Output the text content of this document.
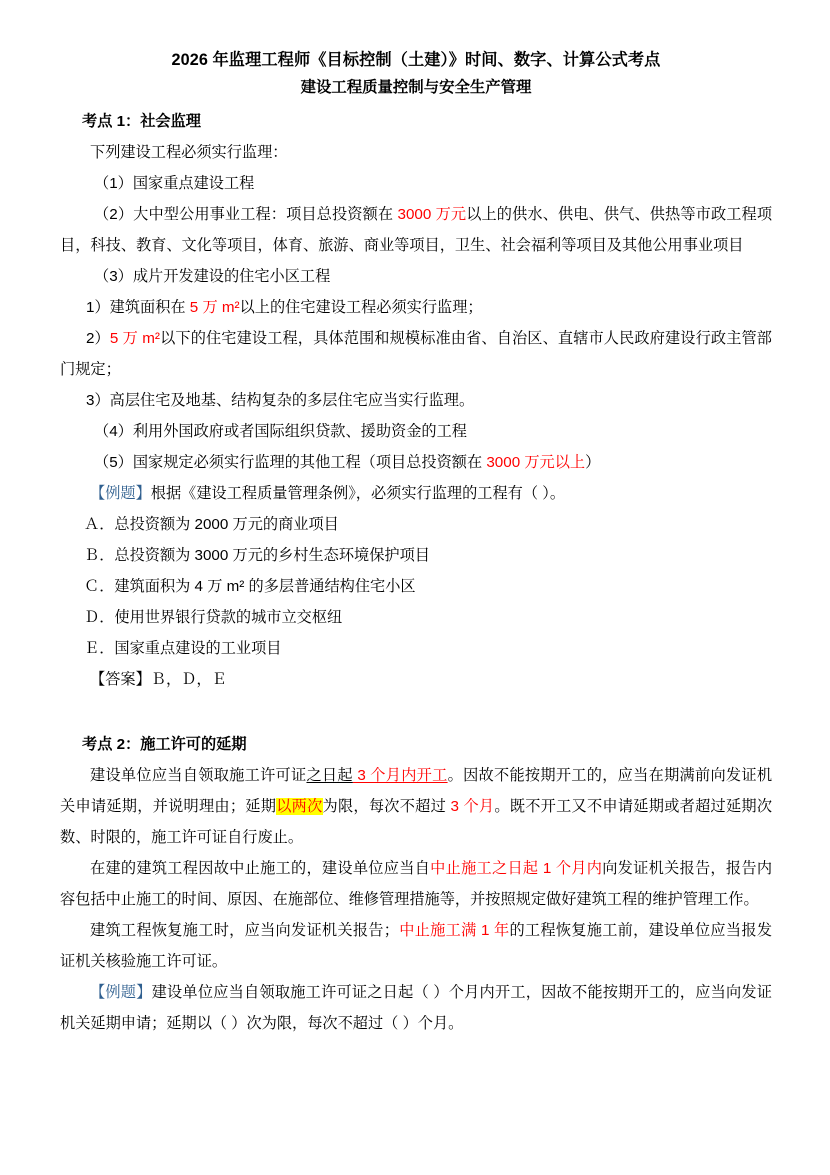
2026 年监理工程师《目标控制（土建）》时间、数字、计算公式考点
建设工程质量控制与安全生产管理
考点 1：社会监理

下列建设工程必须实行监理：

（1）国家重点建设工程

（2）大中型公用事业工程：项目总投资额在 3000 万元以上的供水、供电、供气、供热等市政工程项目，科技、教育、文化等项目，体育、旅游、商业等项目，卫生、社会福利等项目及其他公用事业项目

（3）成片开发建设的住宅小区工程

1）建筑面积在 5 万 m²以上的住宅建设工程必须实行监理；

2）5 万 m²以下的住宅建设工程，具体范围和规模标准由省、自治区、直辖市人民政府建设行政主管部门规定；

3）高层住宅及地基、结构复杂的多层住宅应当实行监理。

（4）利用外国政府或者国际组织贷款、援助资金的工程

（5）国家规定必须实行监理的其他工程（项目总投资额在 3000 万元以上）

【例题】根据《建设工程质量管理条例》，必须实行监理的工程有（ ）。

Ａ．总投资额为 2000 万元的商业项目

Ｂ．总投资额为 3000 万元的乡村生态环境保护项目

Ｃ．建筑面积为 4 万 m² 的多层普通结构住宅小区

Ｄ．使用世界银行贷款的城市立交枢纽

Ｅ．国家重点建设的工业项目

【答案】Ｂ，Ｄ，Ｅ

考点 2：施工许可的延期

建设单位应当自领取施工许可证之日起 3 个月内开工。因故不能按期开工的，应当在期满前向发证机关申请延期，并说明理由；延期以两次为限，每次不超过 3 个月。既不开工又不申请延期或者超过延期次数、时限的，施工许可证自行废止。

在建的建筑工程因故中止施工的，建设单位应当自中止施工之日起 1 个月内向发证机关报告，报告内容包括中止施工的时间、原因、在施部位、维修管理措施等，并按照规定做好建筑工程的维护管理工作。

建筑工程恢复施工时，应当向发证机关报告；中止施工满 1 年的工程恢复施工前，建设单位应当报发证机关核验施工许可证。

【例题】建设单位应当自领取施工许可证之日起（ ）个月内开工，因故不能按期开工的，应当向发证机关延期申请；延期以（ ）次为限，每次不超过（ ）个月。
